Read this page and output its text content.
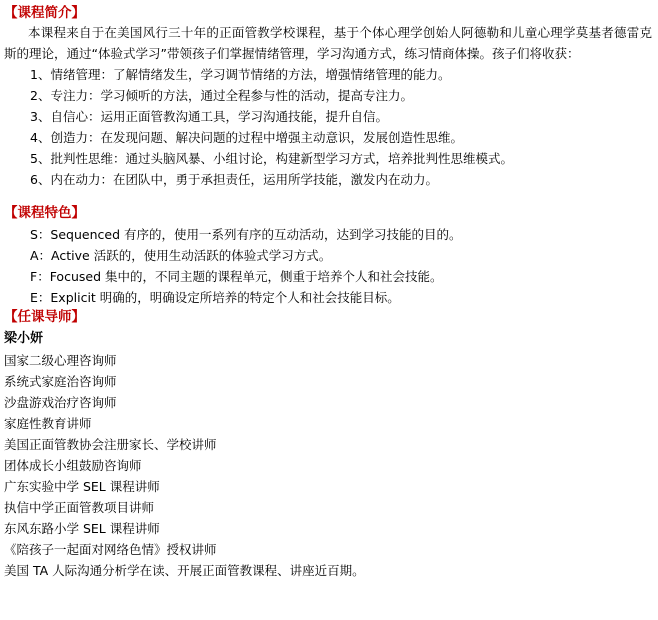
【课程简介】

本课程来自于在美国风行三十年的正面管教学校课程，基于个体心理学创始人阿德勒和儿童心理学莫基者德雷克斯的理论，通过“体验式学习”带领孩子们掌握情绪管理，学习沟通方式，练习情商体操。孩子们将收获：

1、情绪管理：了解情绪发生，学习调节情绪的方法，增强情绪管理的能力。
2、专注力：学习倾听的方法，通过全程参与性的活动，提高专注力。
3、自信心：运用正面管教沟通工具，学习沟通技能，提升自信。
4、创造力：在发现问题、解决问题的过程中增强主动意识，发展创造性思维。
5、批判性思维：通过头脑风暴、小组讨论，构建新型学习方式，培养批判性思维模式。
6、内在动力：在团队中，勇于承担责任，运用所学技能，激发内在动力。
【课程特色】
S：Sequenced 有序的，使用一系列有序的互动活动，达到学习技能的目的。
A：Active 活跃的，使用生动活跃的体验式学习方式。
F：Focused 集中的，不同主题的课程单元，侧重于培养个人和社会技能。
E：Explicit 明确的，明确设定所培养的特定个人和社会技能目标。
【任课导师】
梁小妍
国家二级心理咨询师
系统式家庭治咨询师
沙盘游戏治疗咨询师
家庭性教育讲师
美国正面管教协会注册家长、学校讲师
团体成长小组鼓励咨询师
广东实验中学 SEL 课程讲师
执信中学正面管教项目讲师
东风东路小学 SEL 课程讲师
《陪孩子一起面对网络色情》授权讲师
美国 TA 人际沟通分析学在读、开展正面管教课程、讲座近百期。
